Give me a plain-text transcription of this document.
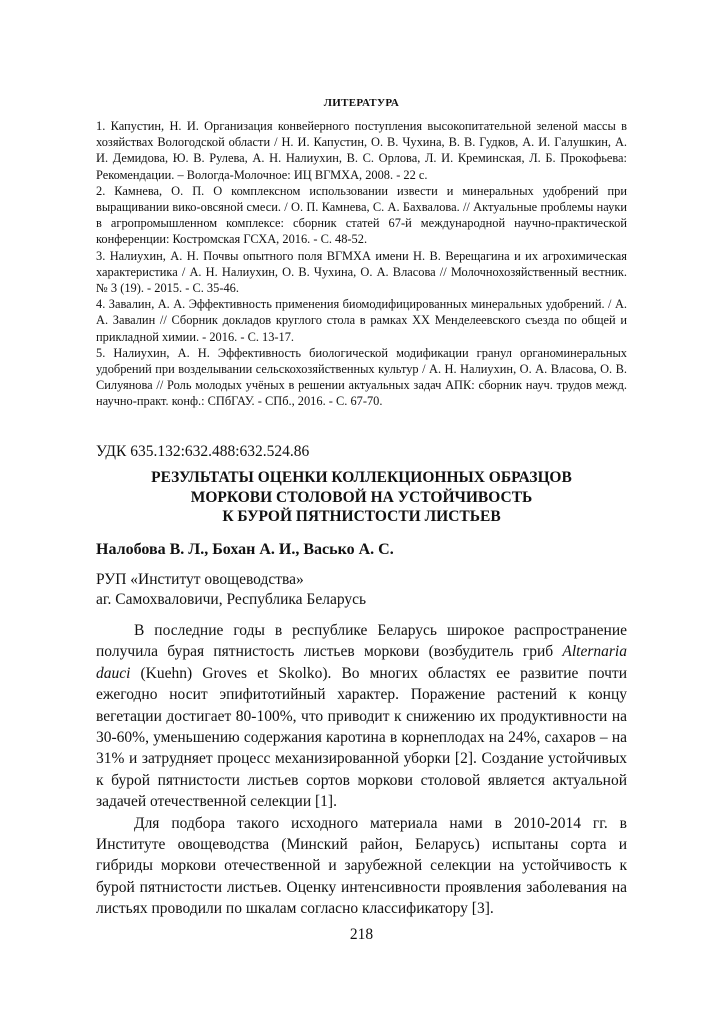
ЛИТЕРАТУРА

1. Капустин, Н. И. Организация конвейерного поступления высокопитательной зеленой массы в хозяйствах Вологодской области / Н. И. Капустин, О. В. Чухина, В. В. Гудков, А. И. Галушкин, А. И. Демидова, Ю. В. Рулева, А. Н. Налиухин, В. С. Орлова, Л. И. Креминская, Л. Б. Прокофьева: Рекомендации. – Вологда-Молочное: ИЦ ВГМХА, 2008. - 22 с.

2. Камнева, О. П. О комплексном использовании извести и минеральных удобрений при выращивании вико-овсяной смеси. / О. П. Камнева, С. А. Бахвалова. // Актуальные проблемы науки в агропромышленном комплексе: сборник статей 67-й международной научно-практической конференции: Костромская ГСХА, 2016. - С. 48-52.

3. Налиухин, А. Н. Почвы опытного поля ВГМХА имени Н. В. Верещагина и их агрохимическая характеристика / А. Н. Налиухин, О. В. Чухина, О. А. Власова // Молочнохозяйственный вестник. № 3 (19). - 2015. - С. 35-46.

4. Завалин, А. А. Эффективность применения биомодифицированных минеральных удобрений. / А. А. Завалин // Сборник докладов круглого стола в рамках XX Менделеевского съезда по общей и прикладной химии. - 2016. - С. 13-17.

5. Налиухин, А. Н. Эффективность биологической модификации гранул органоминеральных удобрений при возделывании сельскохозяйственных культур / А. Н. Налиухин, О. А. Власова, О. В. Силуянова // Роль молодых учёных в решении актуальных задач АПК: сборник науч. трудов межд. научно-практ. конф.: СПбГАУ. - СПб., 2016. - С. 67-70.

УДК 635.132:632.488:632.524.86
РЕЗУЛЬТАТЫ ОЦЕНКИ КОЛЛЕКЦИОННЫХ ОБРАЗЦОВ
МОРКОВИ СТОЛОВОЙ НА УСТОЙЧИВОСТЬ
К БУРОЙ ПЯТНИСТОСТИ ЛИСТЬЕВ
Налобова В. Л., Бохан А. И., Васько А. С.
РУП «Институт овощеводства»
аг. Самохваловичи, Республика Беларусь

В последние годы в республике Беларусь широкое распространение получила бурая пятнистость листьев моркови (возбудитель гриб Alternaria dauci (Kuehn) Groves et Skolko). Во многих областях ее развитие почти ежегодно носит эпифитотийный характер. Поражение растений к концу вегетации достигает 80-100%, что приводит к снижению их продуктивности на 30-60%, уменьшению содержания каротина в корнеплодах на 24%, сахаров – на 31% и затрудняет процесс механизированной уборки [2]. Создание устойчивых к бурой пятнистости листьев сортов моркови столовой является актуальной задачей отечественной селекции [1].

Для подбора такого исходного материала нами в 2010-2014 гг. в Институте овощеводства (Минский район, Беларусь) испытаны сорта и гибриды моркови отечественной и зарубежной селекции на устойчивость к бурой пятнистости листьев. Оценку интенсивности проявления заболевания на листьях проводили по шкалам согласно классификатору [3].

218
